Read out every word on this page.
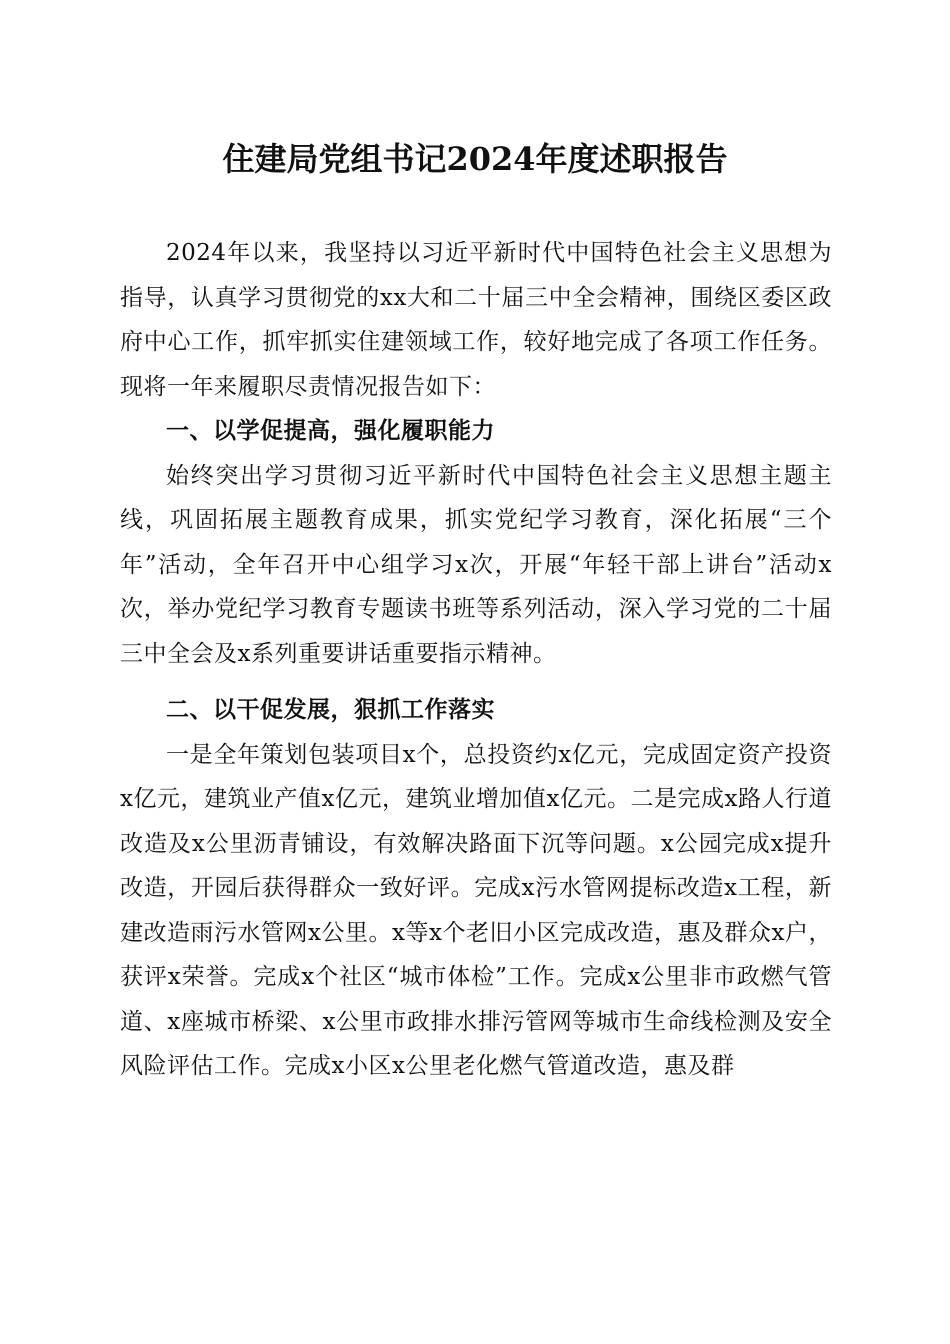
住建局党组书记2024年度述职报告

2024年以来，我坚持以习近平新时代中国特色社会主义思想为指导，认真学习贯彻党的xx大和二十届三中全会精神，围绕区委区政府中心工作，抓牢抓实住建领域工作，较好地完成了各项工作任务。现将一年来履职尽责情况报告如下：

一、以学促提高，强化履职能力

始终突出学习贯彻习近平新时代中国特色社会主义思想主题主线，巩固拓展主题教育成果，抓实党纪学习教育，深化拓展“三个年”活动，全年召开中心组学习x次，开展“年轻干部上讲台”活动x次，举办党纪学习教育专题读书班等系列活动，深入学习党的二十届三中全会及x系列重要讲话重要指示精神。

二、以干促发展，狠抓工作落实

一是全年策划包装项目x个，总投资约x亿元，完成固定资产投资x亿元，建筑业产值x亿元，建筑业增加值x亿元。二是完成x路人行道改造及x公里沥青铺设，有效解决路面下沉等问题。x公园完成x提升改造，开园后获得群众一致好评。完成x污水管网提标改造x工程，新建改造雨污水管网x公里。x等x个老旧小区完成改造，惠及群众x户，获评x荣誉。完成x个社区“城市体检”工作。完成x公里非市政燃气管道、x座城市桥梁、x公里市政排水排污管网等城市生命线检测及安全风险评估工作。完成x小区x公里老化燃气管道改造，惠及群
